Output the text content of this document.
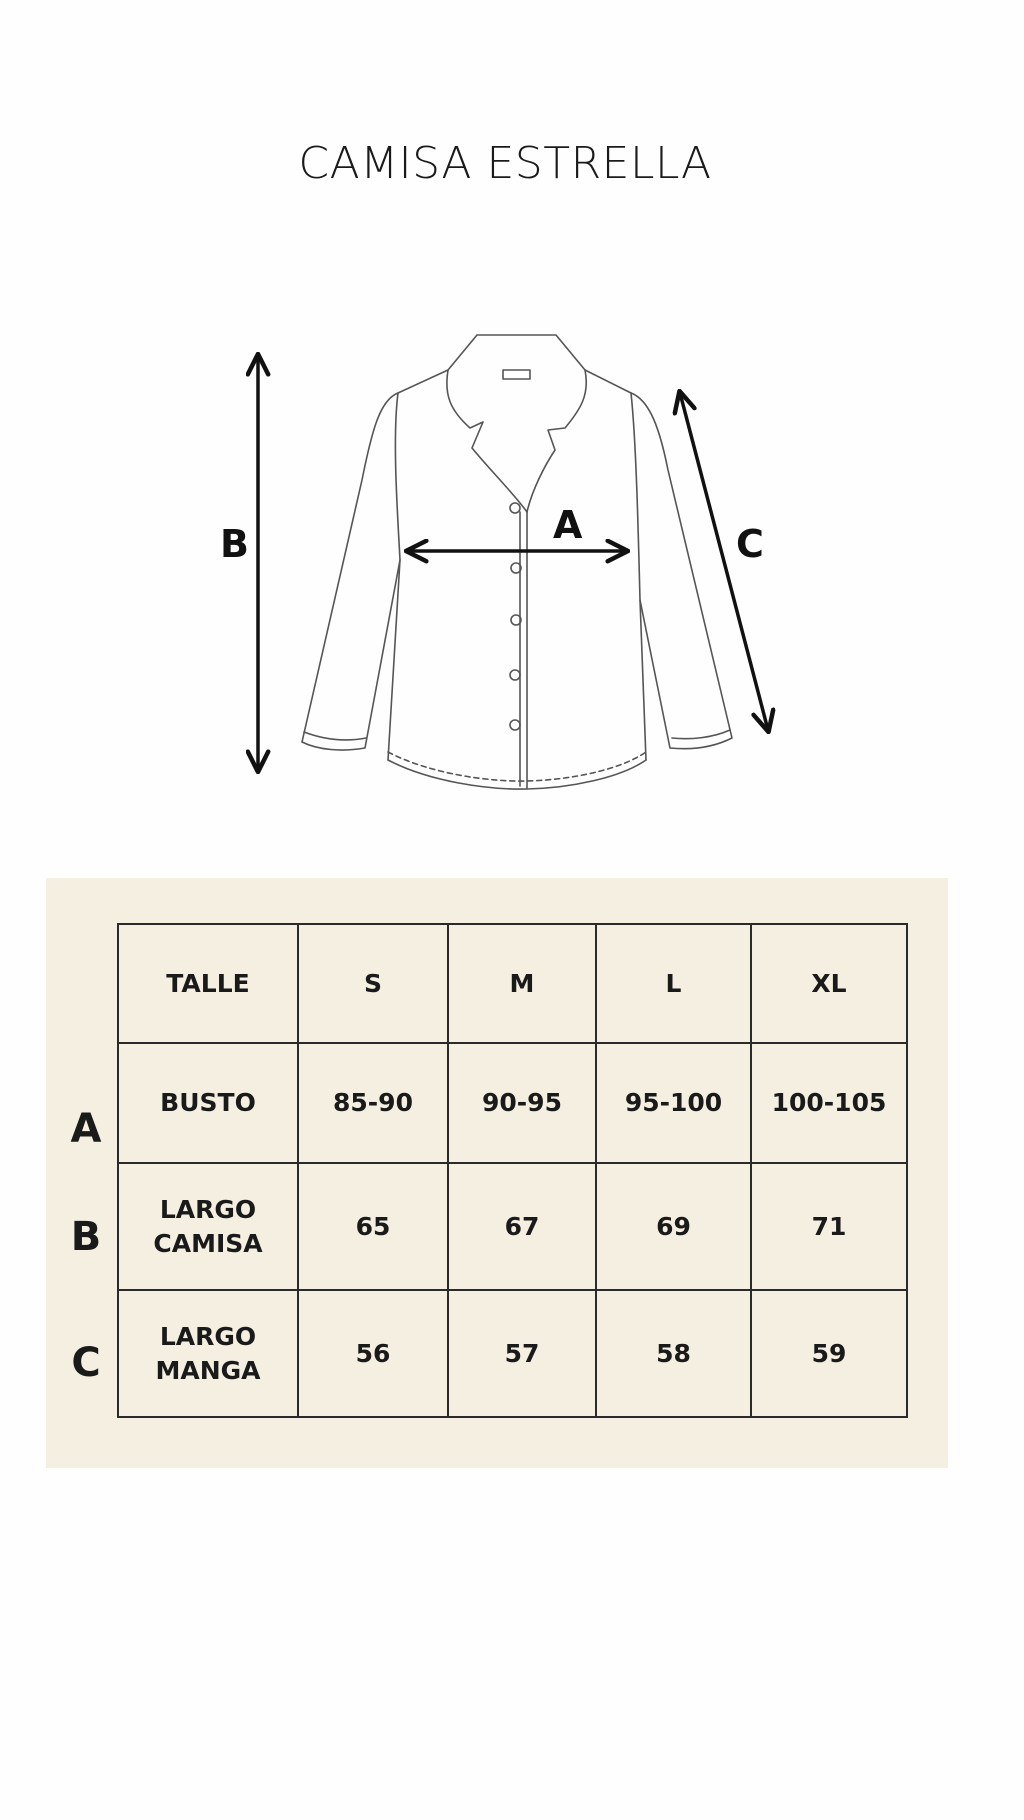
CAMISA ESTRELLA
A
B	C
A
B
C
TALLE	S	M	L	XL

BUSTO	85-90	90-95	95-100	100-105

LARGO
CAMISA	65	67	69	71

LARGO
MANGA	56	57	58	59
